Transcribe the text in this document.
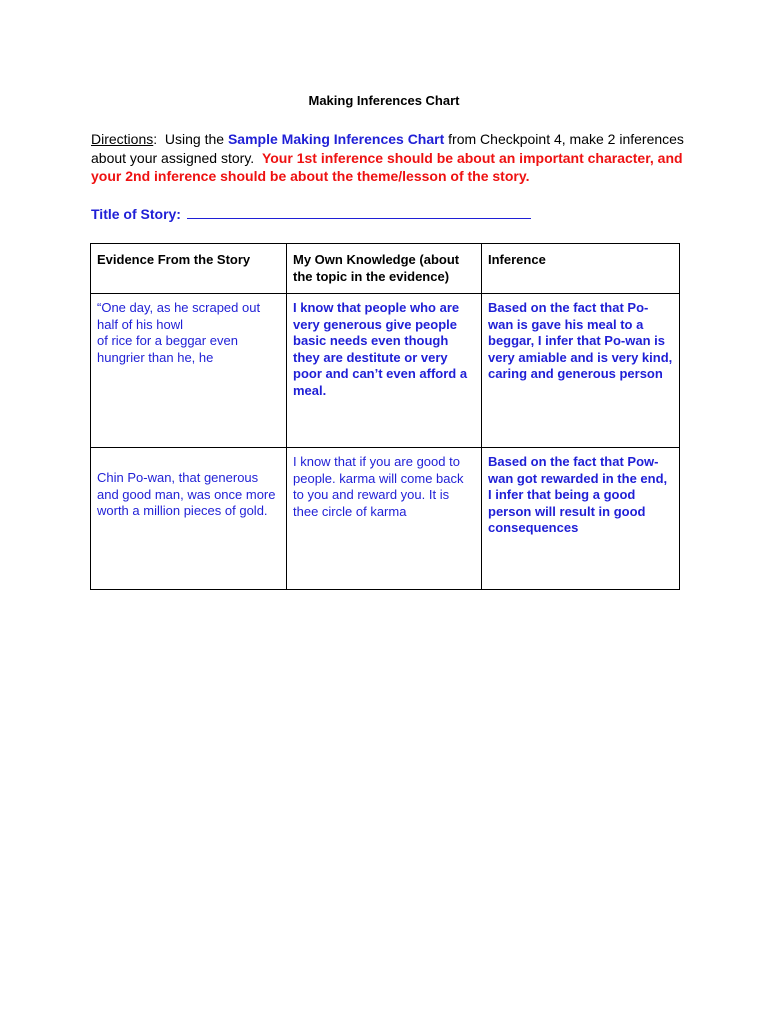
Making Inferences Chart
Directions:  Using the Sample Making Inferences Chart from Checkpoint 4, make 2 inferences about your assigned story.  Your 1st inference should be about an important character, and your 2nd inference should be about the theme/lesson of the story.
Title of Story:
Evidence From the Story	My Own Knowledge (about the topic in the evidence)	Inference

“One day, as he scraped out half of his howl
of rice for a beggar even hungrier than he, he	I know that people who are very generous give people basic needs even though they are destitute or very poor and can’t even afford a meal.	Based on the fact that Po-wan is gave his meal to a beggar, I infer that Po-wan is very amiable and is very kind, caring and generous person
Chin Po-wan, that generous and good man, was once more worth a million pieces of gold.	I know that if you are good to people. karma will come back to you and reward you. It is thee circle of karma	Based on the fact that Pow-wan got rewarded in the end, I infer that being a good person will result in good consequences
